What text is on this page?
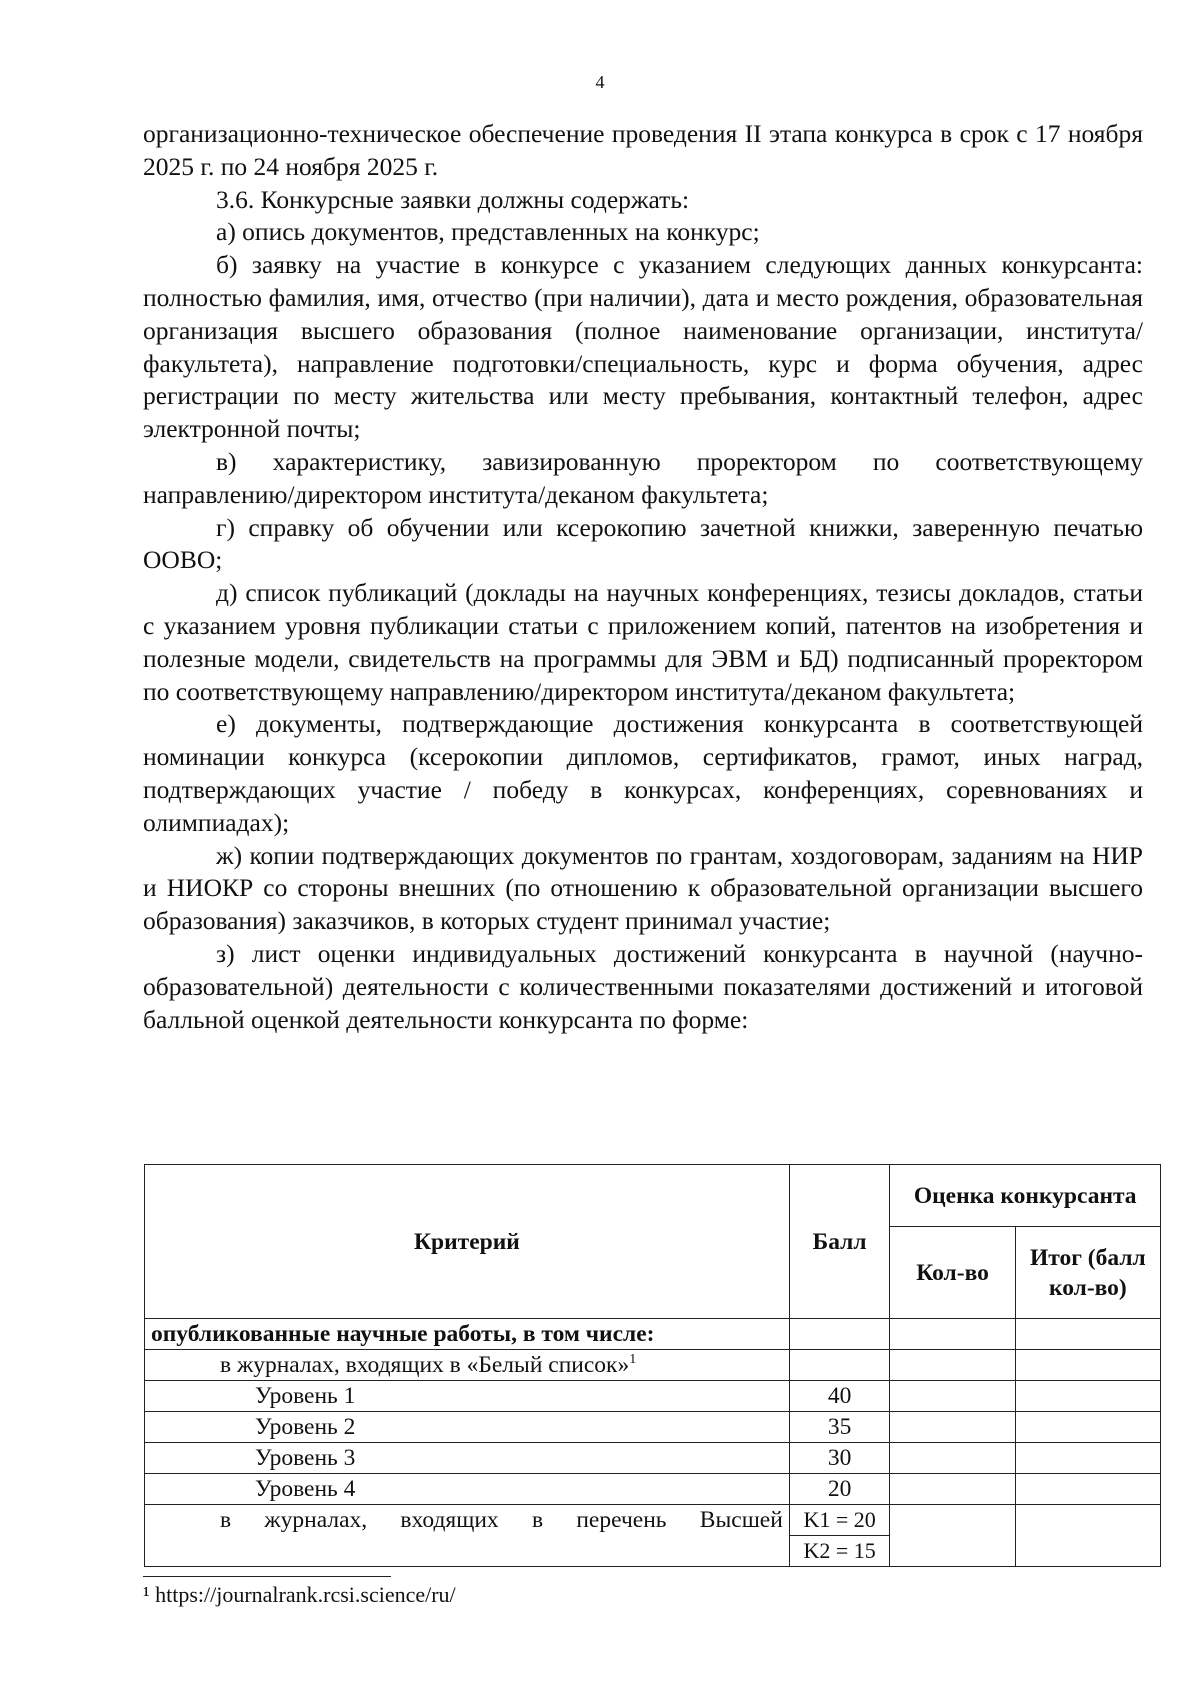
4

организационно-техническое обеспечение проведения II этапа конкурса в срок с 17 ноября 2025 г. по 24 ноября 2025 г.

3.6. Конкурсные заявки должны содержать:

а) опись документов, представленных на конкурс;

б) заявку на участие в конкурсе с указанием следующих данных конкурсанта: полностью фамилия, имя, отчество (при наличии), дата и место рождения, образовательная организация высшего образования (полное наименование организации, института/факультета), направление подготовки/специальность, курс и форма обучения, адрес регистрации по месту жительства или месту пребывания, контактный телефон, адрес электронной почты;

в) характеристику, завизированную проректором по соответствующему направлению/директором института/деканом факультета;

г) справку об обучении или ксерокопию зачетной книжки, заверенную печатью ООВО;

д) список публикаций (доклады на научных конференциях, тезисы докладов, статьи с указанием уровня публикации статьи с приложением копий, патентов на изобретения и полезные модели, свидетельств на программы для ЭВМ и БД) подписанный проректором по соответствующему направлению/директором института/деканом факультета;

е) документы, подтверждающие достижения конкурсанта в соответствующей номинации конкурса (ксерокопии дипломов, сертификатов, грамот, иных наград, подтверждающих участие / победу в конкурсах, конференциях, соревнованиях и олимпиадах);

ж) копии подтверждающих документов по грантам, хоздоговорам, заданиям на НИР и НИОКР со стороны внешних (по отношению к образовательной организации высшего образования) заказчиков, в которых студент принимал участие;

з) лист оценки индивидуальных достижений конкурсанта в научной (научно-образовательной) деятельности с количественными показателями достижений и итоговой балльной оценкой деятельности конкурсанта по форме:

Критерий	Балл	Оценка конкурсанта	
		Кол-во	Итог (балл кол-во)
опубликованные научные работы, в том числе:			
в журналах, входящих в «Белый список»$^1$			
Уровень 1	40		
Уровень 2	35		
Уровень 3	30		
Уровень 4	20		
в журналах, входящих в перечень Высшей	K1 = 20		
	K2 = 15		
¹ https://journalrank.rcsi.science/ru/
